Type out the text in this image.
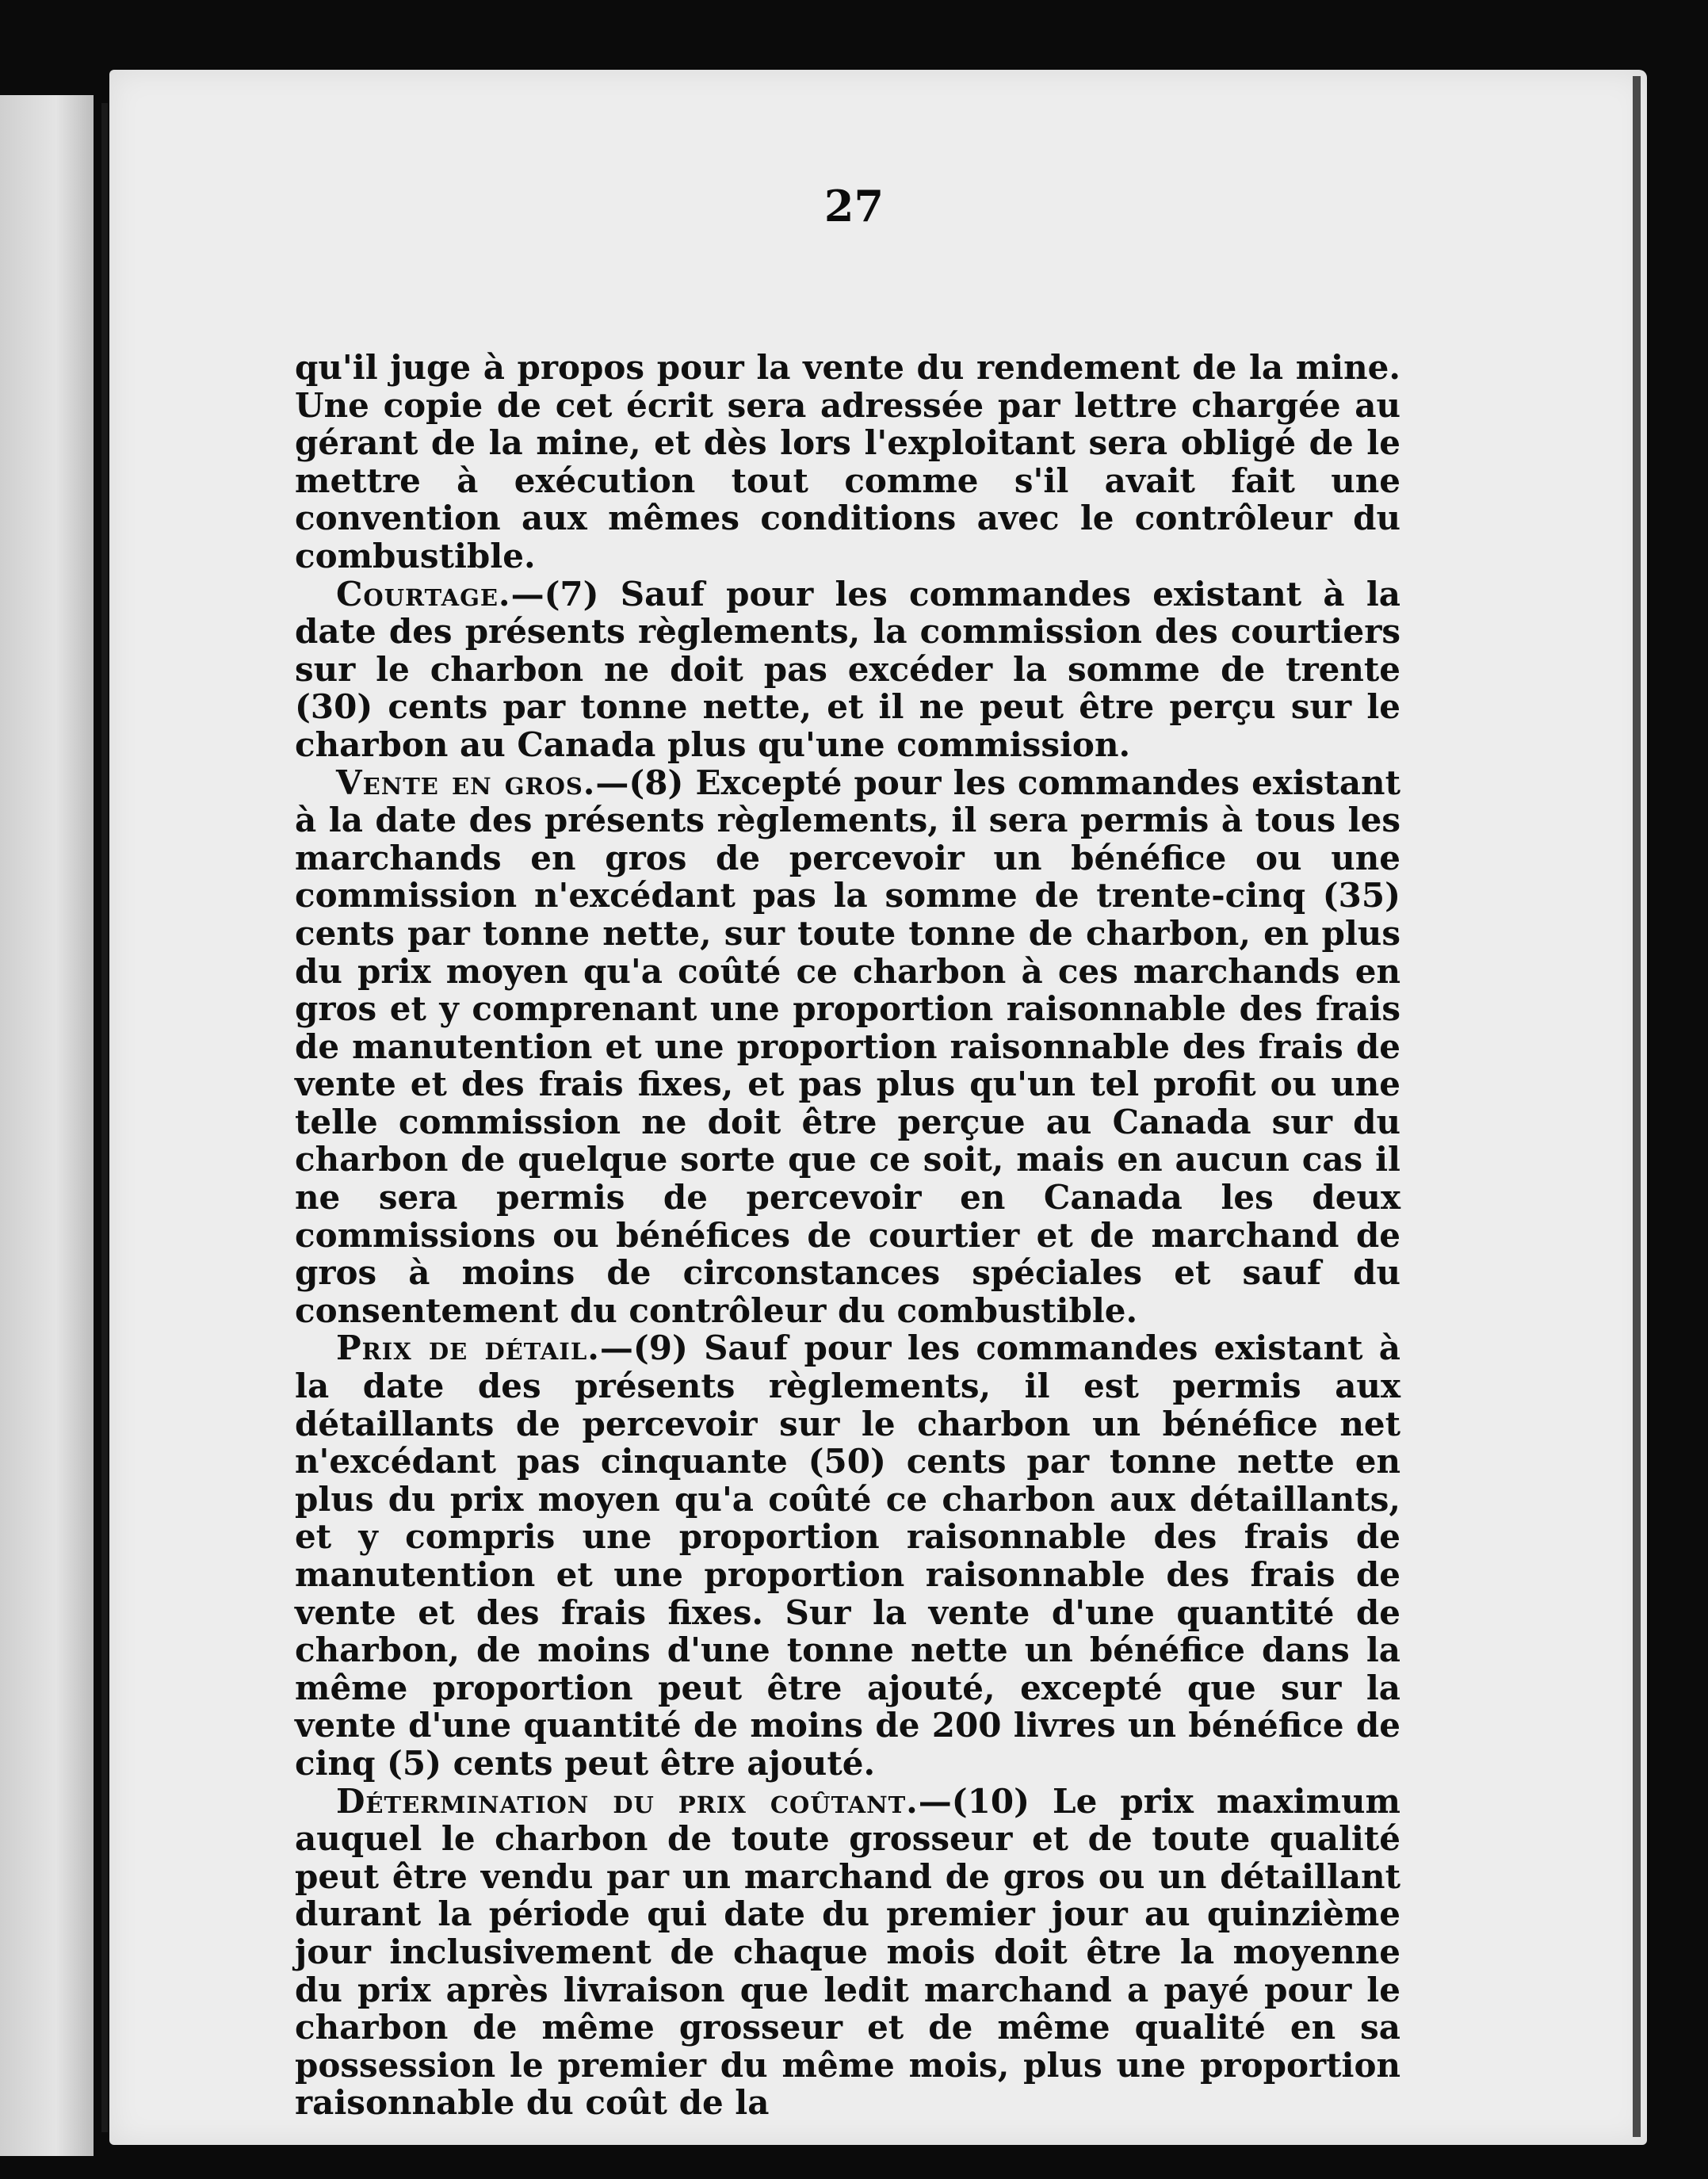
27

qu'il juge à propos pour la vente du rendement de la mine. Une copie de cet écrit sera adressée par lettre chargée au gérant de la mine, et dès lors l'exploitant sera obligé de le mettre à exécution tout comme s'il avait fait une convention aux mêmes conditions avec le contrôleur du combustible.

Courtage.—(7) Sauf pour les commandes existant à la date des présents règlements, la commission des courtiers sur le charbon ne doit pas excéder la somme de trente (30) cents par tonne nette, et il ne peut être perçu sur le charbon au Canada plus qu'une commission.

Vente en gros.—(8) Excepté pour les commandes existant à la date des présents règlements, il sera permis à tous les marchands en gros de percevoir un bénéfice ou une commission n'excédant pas la somme de trente-cinq (35) cents par tonne nette, sur toute tonne de charbon, en plus du prix moyen qu'a coûté ce charbon à ces marchands en gros et y comprenant une proportion raisonnable des frais de manutention et une proportion raisonnable des frais de vente et des frais fixes, et pas plus qu'un tel profit ou une telle commission ne doit être perçue au Canada sur du charbon de quelque sorte que ce soit, mais en aucun cas il ne sera permis de percevoir en Canada les deux commissions ou bénéfices de courtier et de marchand de gros à moins de circonstances spéciales et sauf du consentement du contrôleur du combustible.

Prix de détail.—(9) Sauf pour les commandes existant à la date des présents règlements, il est permis aux détaillants de percevoir sur le charbon un bénéfice net n'excédant pas cinquante (50) cents par tonne nette en plus du prix moyen qu'a coûté ce charbon aux détaillants, et y compris une proportion raisonnable des frais de manutention et une proportion raisonnable des frais de vente et des frais fixes. Sur la vente d'une quantité de charbon, de moins d'une tonne nette un bénéfice dans la même proportion peut être ajouté, excepté que sur la vente d'une quantité de moins de 200 livres un bénéfice de cinq (5) cents peut être ajouté.

Détermination du prix coûtant.—(10) Le prix maximum auquel le charbon de toute grosseur et de toute qualité peut être vendu par un marchand de gros ou un détaillant durant la période qui date du premier jour au quinzième jour inclusivement de chaque mois doit être la moyenne du prix après livraison que ledit marchand a payé pour le charbon de même grosseur et de même qualité en sa possession le premier du même mois, plus une proportion raisonnable du coût de la
